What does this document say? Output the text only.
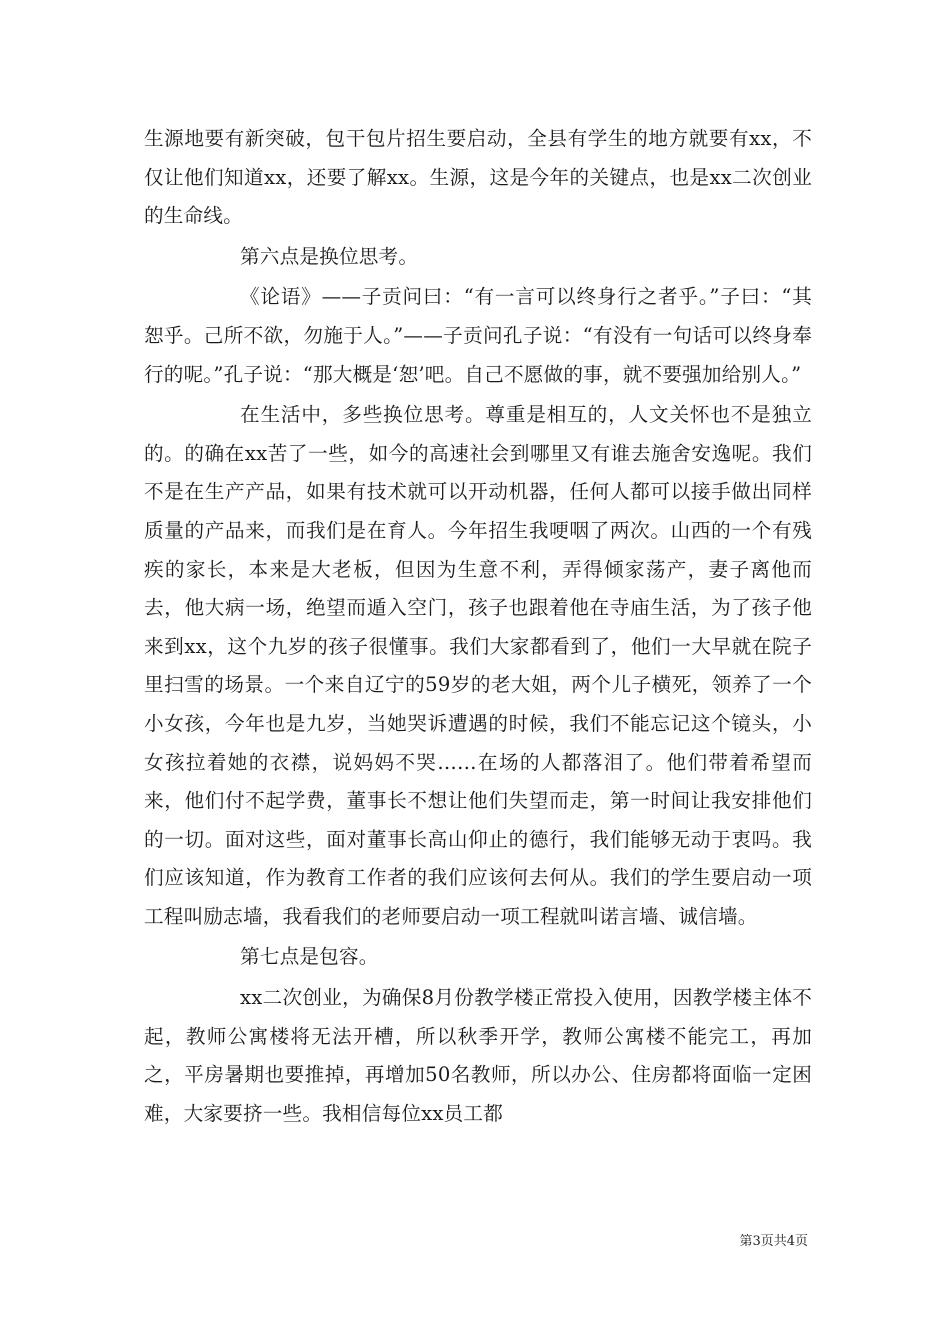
生源地要有新突破，包干包片招生要启动，全县有学生的地方就要有xx，不仅让他们知道xx，还要了解xx。生源，这是今年的关键点，也是xx二次创业的生命线。

第六点是换位思考。

《论语》——子贡问曰：“有一言可以终身行之者乎。”子曰：“其恕乎。己所不欲，勿施于人。”——子贡问孔子说：“有没有一句话可以终身奉行的呢。”孔子说：“那大概是‘恕’吧。自己不愿做的事，就不要强加给别人。”

在生活中，多些换位思考。尊重是相互的，人文关怀也不是独立的。的确在xx苦了一些，如今的高速社会到哪里又有谁去施舍安逸呢。我们不是在生产产品，如果有技术就可以开动机器，任何人都可以接手做出同样质量的产品来，而我们是在育人。今年招生我哽咽了两次。山西的一个有残疾的家长，本来是大老板，但因为生意不利，弄得倾家荡产，妻子离他而去，他大病一场，绝望而遁入空门，孩子也跟着他在寺庙生活，为了孩子他来到xx，这个九岁的孩子很懂事。我们大家都看到了，他们一大早就在院子里扫雪的场景。一个来自辽宁的59岁的老大姐，两个儿子横死，领养了一个小女孩，今年也是九岁，当她哭诉遭遇的时候，我们不能忘记这个镜头，小女孩拉着她的衣襟，说妈妈不哭……在场的人都落泪了。他们带着希望而来，他们付不起学费，董事长不想让他们失望而走，第一时间让我安排他们的一切。面对这些，面对董事长高山仰止的德行，我们能够无动于衷吗。我们应该知道，作为教育工作者的我们应该何去何从。我们的学生要启动一项工程叫励志墙，我看我们的老师要启动一项工程就叫诺言墙、诚信墙。

第七点是包容。

xx二次创业，为确保8月份教学楼正常投入使用，因教学楼主体不起，教师公寓楼将无法开槽，所以秋季开学，教师公寓楼不能完工，再加之，平房暑期也要推掉，再增加50名教师，所以办公、住房都将面临一定困难，大家要挤一些。我相信每位xx员工都

第3页共4页
